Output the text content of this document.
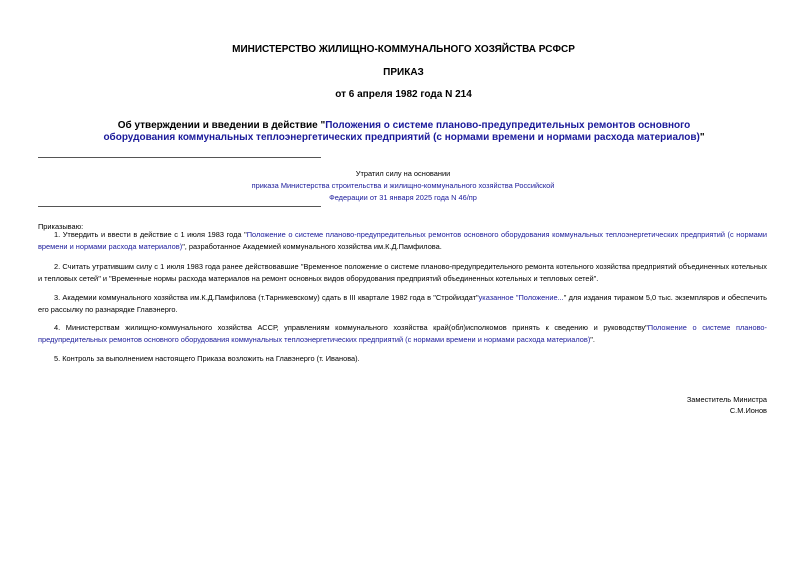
МИНИСТЕРСТВО ЖИЛИЩНО-КОММУНАЛЬНОГО ХОЗЯЙСТВА РСФСР
ПРИКАЗ
от 6 апреля 1982 года N 214
Об утверждении и введении в действие "Положения о системе планово-предупредительных ремонтов основного оборудования коммунальных теплоэнергетических предприятий (с нормами времени и нормами расхода материалов)"
Утратил силу на основании
приказа Министерства строительства и жилищно-коммунального хозяйства Российской Федерации от 31 января 2025 года N 46/пр
Приказываю:
1. Утвердить и ввести в действие с 1 июля 1983 года "Положение о системе планово-предупредительных ремонтов основного оборудования коммунальных теплоэнергетических предприятий (с нормами времени и нормами расхода материалов)", разработанное Академией коммунального хозяйства им.К.Д.Памфилова.
2. Считать утратившим силу с 1 июля 1983 года ранее действовавшие "Временное положение о системе планово-предупредительного ремонта котельного хозяйства предприятий объединенных котельных и тепловых сетей" и "Временные нормы расхода материалов на ремонт основных видов оборудования предприятий объединенных котельных и тепловых сетей".
3. Академии коммунального хозяйства им.К.Д.Памфилова (т.Тарникевскому) сдать в III квартале 1982 года в "Стройиздат"указанное "Положение..." для издания тиражом 5,0 тыс. экземпляров и обеспечить его рассылку по разнарядке Главэнерго.
4. Министерствам жилищно-коммунального хозяйства АССР, управлениям коммунального хозяйства край(обл)исполкомов принять к сведению и руководству"Положение о системе планово-предупредительных ремонтов основного оборудования коммунальных теплоэнергетических предприятий (с нормами времени и нормами расхода материалов)".
5. Контроль за выполнением настоящего Приказа возложить на Главэнерго (т. Иванова).
Заместитель Министра
С.М.Ионов
